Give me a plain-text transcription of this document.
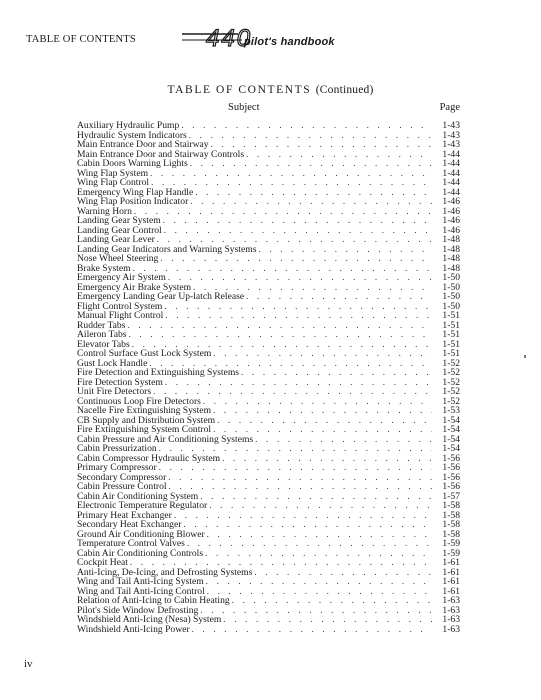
TABLE OF CONTENTS	440
pilot's handbook
TABLE OF CONTENTS (Continued)
Subject	Page
Auxiliary Hydraulic Pump . . .	1-43
Hydraulic System Indicators . . .	1-43
Main Entrance Door and Stairway . . .	1-43
Main Entrance Door and Stairway Controls . . .	1-44
Cabin Doors Warning Lights . . .	1-44
Wing Flap System . . .	1-44
Wing Flap Control . . .	1-44
Emergency Wing Flap Handle . . .	1-44
Wing Flap Position Indicator . . .	1-46
Warning Horn . . .	1-46
Landing Gear System . . .	1-46
Landing Gear Control . . .	1-46
Landing Gear Lever . . .	1-48
Landing Gear Indicators and Warning Systems . . .	1-48
Nose Wheel Steering . . .	1-48
Brake System . . .	1-48
Emergency Air System . . .	1-50
Emergency Air Brake System . . .	1-50
Emergency Landing Gear Up-latch Release . . .	1-50
Flight Control System . . .	1-50
Manual Flight Control . . .	1-51
Rudder Tabs . . .	1-51
Aileron Tabs . . .	1-51
Elevator Tabs . . .	1-51
Control Surface Gust Lock System . . .	1-51
Gust Lock Handle . . .	1-52
Fire Detection and Extinguishing Systems . . .	1-52
Fire Detection System . . .	1-52
Unit Fire Detectors . . .	1-52
Continuous Loop Fire Detectors . . .	1-52
Nacelle Fire Extinguishing System . . .	1-53
CB Supply and Distribution System . . .	1-54
Fire Extinguishing System Control . . .	1-54
Cabin Pressure and Air Conditioning Systems . . .	1-54
Cabin Pressurization . . .	1-54
Cabin Compressor Hydraulic System . . .	1-56
Primary Compressor . . .	1-56
Secondary Compressor . . .	1-56
Cabin Pressure Control . . .	1-56
Cabin Air Conditioning System . . .	1-57
Electronic Temperature Regulator . . .	1-58
Primary Heat Exchanger . . .	1-58
Secondary Heat Exchanger . . .	1-58
Ground Air Conditioning Blower . . .	1-58
Temperature Control Valves . . .	1-59
Cabin Air Conditioning Controls . . .	1-59
Cockpit Heat . . .	1-61
Anti-Icing, De-Icing, and Defrosting Systems . . .	1-61
Wing and Tail Anti-Icing System . . .	1-61
Wing and Tail Anti-Icing Control . . .	1-61
Relation of Anti-Icing to Cabin Heating . . .	1-63
Pilot's Side Window Defrosting . . .	1-63
Windshield Anti-Icing (Nesa) System . . .	1-63
Windshield Anti-Icing Power . . .	1-63
iv
